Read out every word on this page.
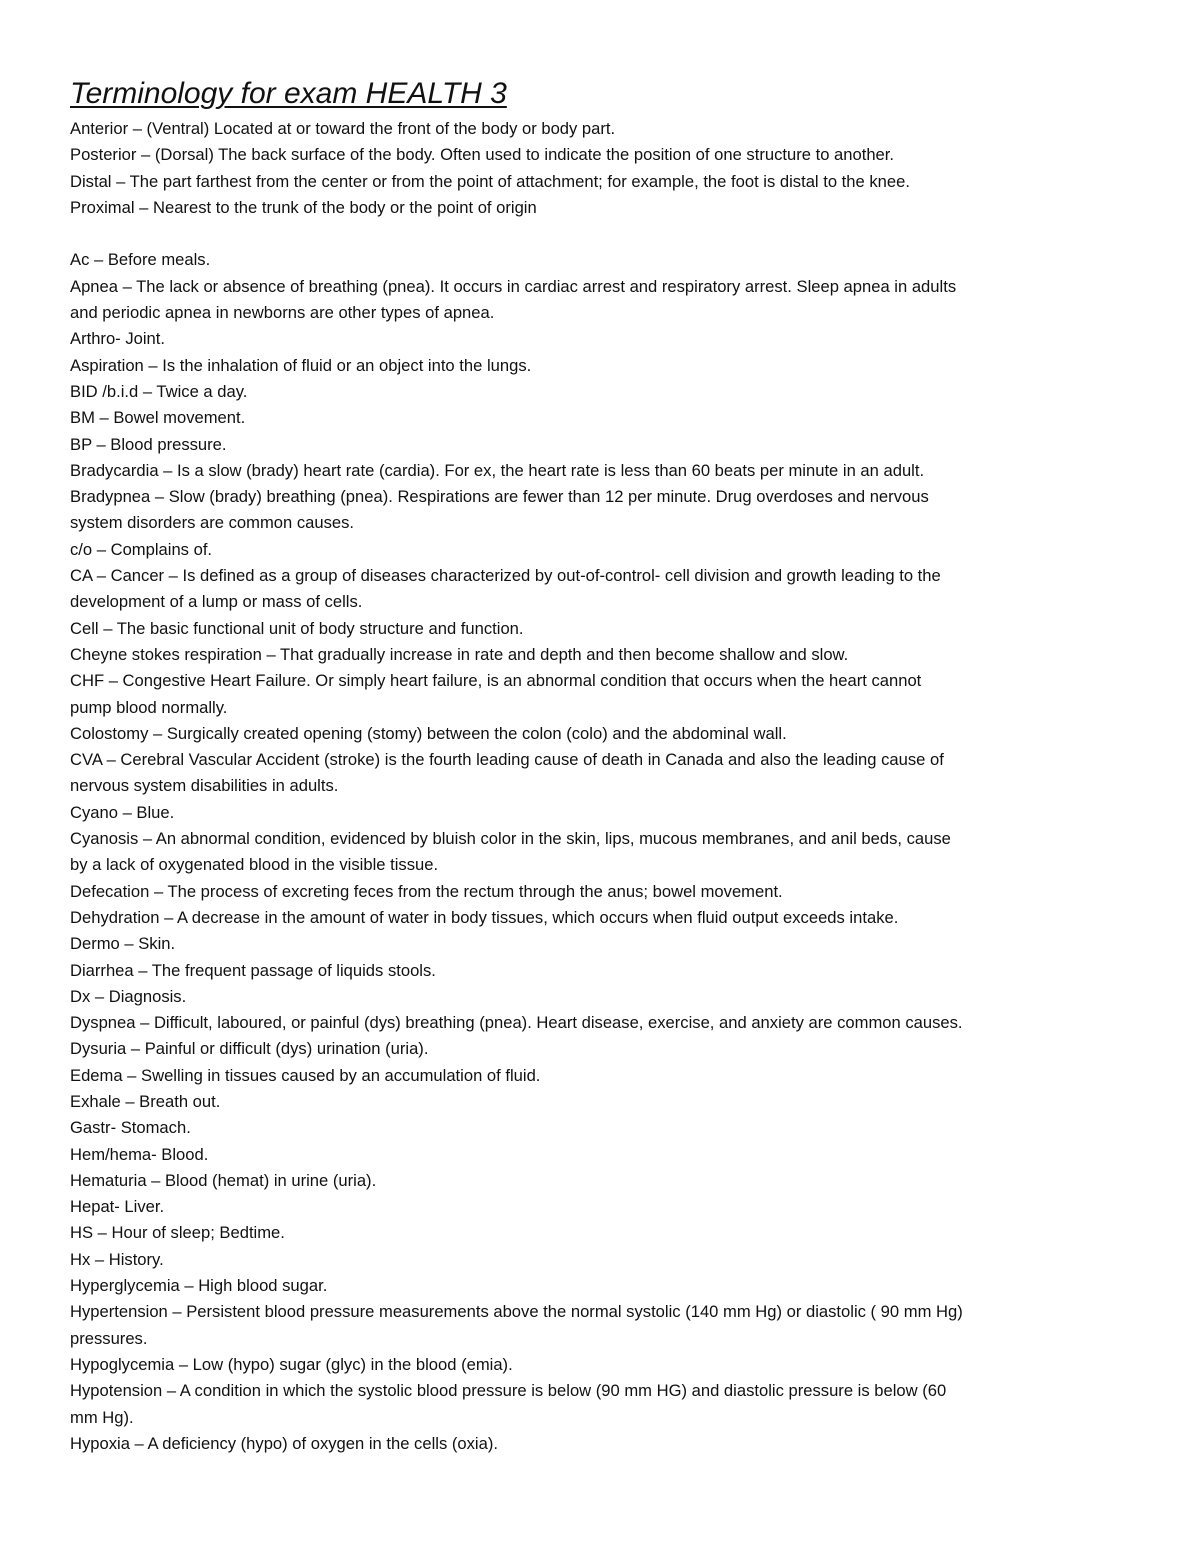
Terminology for exam HEALTH 3
Anterior – (Ventral) Located at or toward the front of the body or body part.
Posterior – (Dorsal) The back surface of the body. Often used to indicate the position of one structure to another.
Distal – The part farthest from the center or from the point of attachment; for example, the foot is distal to the knee.
Proximal – Nearest to the trunk of the body or the point of origin
Ac – Before meals.
Apnea – The lack or absence of breathing (pnea). It occurs in cardiac arrest and respiratory arrest. Sleep apnea in adults
and periodic apnea in newborns are other types of apnea.
Arthro- Joint.
Aspiration – Is the inhalation of fluid or an object into the lungs.
BID /b.i.d – Twice a day.
BM – Bowel movement.
BP – Blood pressure.
Bradycardia – Is a slow (brady) heart rate (cardia). For ex, the heart rate is less than 60 beats per minute in an adult.
Bradypnea – Slow (brady) breathing (pnea). Respirations are fewer than 12 per minute. Drug overdoses and nervous
system disorders are common causes.
c/o – Complains of.
CA – Cancer – Is defined as a group of diseases characterized by out-of-control- cell division and growth leading to the
development of a lump or mass of cells.
Cell – The basic functional unit of body structure and function.
Cheyne stokes respiration – That gradually increase in rate and depth and then become shallow and slow.
CHF – Congestive Heart Failure. Or simply heart failure, is an abnormal condition that occurs when the heart cannot
pump blood normally.
Colostomy – Surgically created opening (stomy) between the colon (colo) and the abdominal wall.
CVA – Cerebral Vascular Accident (stroke) is the fourth leading cause of death in Canada and also the leading cause of
nervous system disabilities in adults.
Cyano – Blue.
Cyanosis – An abnormal condition, evidenced by bluish color in the skin, lips, mucous membranes, and anil beds, cause
by a lack of oxygenated blood in the visible tissue.
Defecation – The process of excreting feces from the rectum through the anus; bowel movement.
Dehydration – A decrease in the amount of water in body tissues, which occurs when fluid output exceeds intake.
Dermo – Skin.
Diarrhea – The frequent passage of liquids stools.
Dx – Diagnosis.
Dyspnea – Difficult, laboured, or painful (dys) breathing (pnea). Heart disease, exercise, and anxiety are common causes.
Dysuria – Painful or difficult (dys) urination (uria).
Edema – Swelling in tissues caused by an accumulation of fluid.
Exhale – Breath out.
Gastr- Stomach.
Hem/hema- Blood.
Hematuria – Blood (hemat) in urine (uria).
Hepat- Liver.
HS – Hour of sleep; Bedtime.
Hx – History.
Hyperglycemia – High blood sugar.
Hypertension – Persistent blood pressure measurements above the normal systolic (140 mm Hg) or diastolic ( 90 mm Hg)
pressures.
Hypoglycemia – Low (hypo) sugar (glyc) in the blood (emia).
Hypotension – A condition in which the systolic blood pressure is below (90 mm HG) and diastolic pressure is below (60
mm Hg).
Hypoxia – A deficiency (hypo) of oxygen in the cells (oxia).
